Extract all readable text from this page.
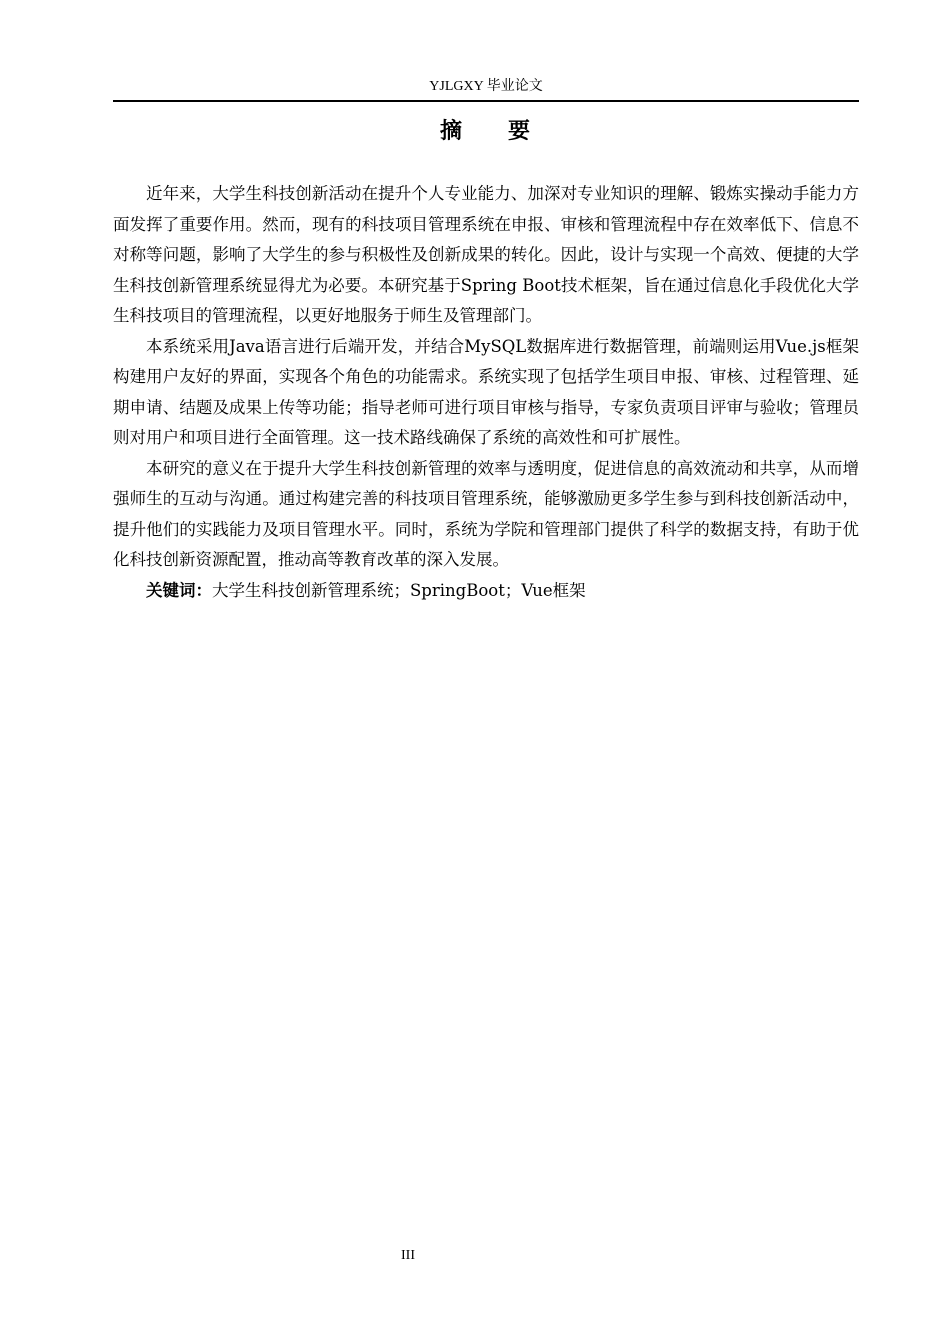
YJLGXY 毕业论文
摘 要

近年来，大学生科技创新活动在提升个人专业能力、加深对专业知识的理解、锻炼实操动手能力方面发挥了重要作用。然而，现有的科技项目管理系统在申报、审核和管理流程中存在效率低下、信息不对称等问题，影响了大学生的参与积极性及创新成果的转化。因此，设计与实现一个高效、便捷的大学生科技创新管理系统显得尤为必要。本研究基于Spring Boot技术框架，旨在通过信息化手段优化大学生科技项目的管理流程，以更好地服务于师生及管理部门。

本系统采用Java语言进行后端开发，并结合MySQL数据库进行数据管理，前端则运用Vue.js框架构建用户友好的界面，实现各个角色的功能需求。系统实现了包括学生项目申报、审核、过程管理、延期申请、结题及成果上传等功能；指导老师可进行项目审核与指导，专家负责项目评审与验收；管理员则对用户和项目进行全面管理。这一技术路线确保了系统的高效性和可扩展性。

本研究的意义在于提升大学生科技创新管理的效率与透明度，促进信息的高效流动和共享，从而增强师生的互动与沟通。通过构建完善的科技项目管理系统，能够激励更多学生参与到科技创新活动中，提升他们的实践能力及项目管理水平。同时，系统为学院和管理部门提供了科学的数据支持，有助于优化科技创新资源配置，推动高等教育改革的深入发展。

关键词：大学生科技创新管理系统；SpringBoot；Vue框架

III
